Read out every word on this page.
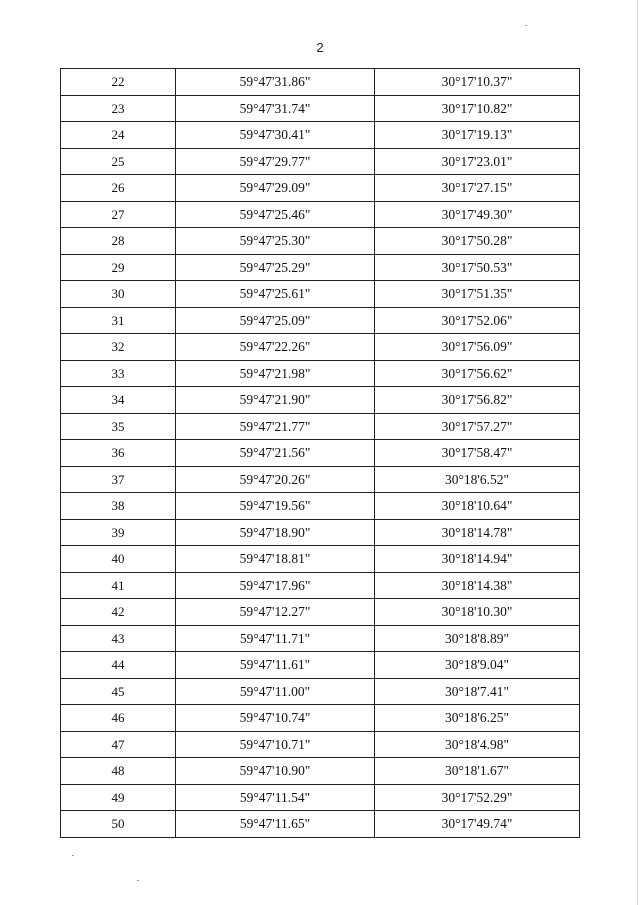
2
22	59°47'31.86"	30°17'10.37"
23	59°47'31.74"	30°17'10.82"
24	59°47'30.41"	30°17'19.13"
25	59°47'29.77"	30°17'23.01"
26	59°47'29.09"	30°17'27.15"
27	59°47'25.46"	30°17'49.30"
28	59°47'25.30"	30°17'50.28"
29	59°47'25.29"	30°17'50.53"
30	59°47'25.61"	30°17'51.35"
31	59°47'25.09"	30°17'52.06"
32	59°47'22.26"	30°17'56.09"
33	59°47'21.98"	30°17'56.62"
34	59°47'21.90"	30°17'56.82"
35	59°47'21.77"	30°17'57.27"
36	59°47'21.56"	30°17'58.47"
37	59°47'20.26"	30°18'6.52"
38	59°47'19.56"	30°18'10.64"
39	59°47'18.90"	30°18'14.78"
40	59°47'18.81"	30°18'14.94"
41	59°47'17.96"	30°18'14.38"
42	59°47'12.27"	30°18'10.30"
43	59°47'11.71"	30°18'8.89"
44	59°47'11.61"	30°18'9.04"
45	59°47'11.00"	30°18'7.41"
46	59°47'10.74"	30°18'6.25"
47	59°47'10.71"	30°18'4.98"
48	59°47'10.90"	30°18'1.67"
49	59°47'11.54"	30°17'52.29"
50	59°47'11.65"	30°17'49.74"
